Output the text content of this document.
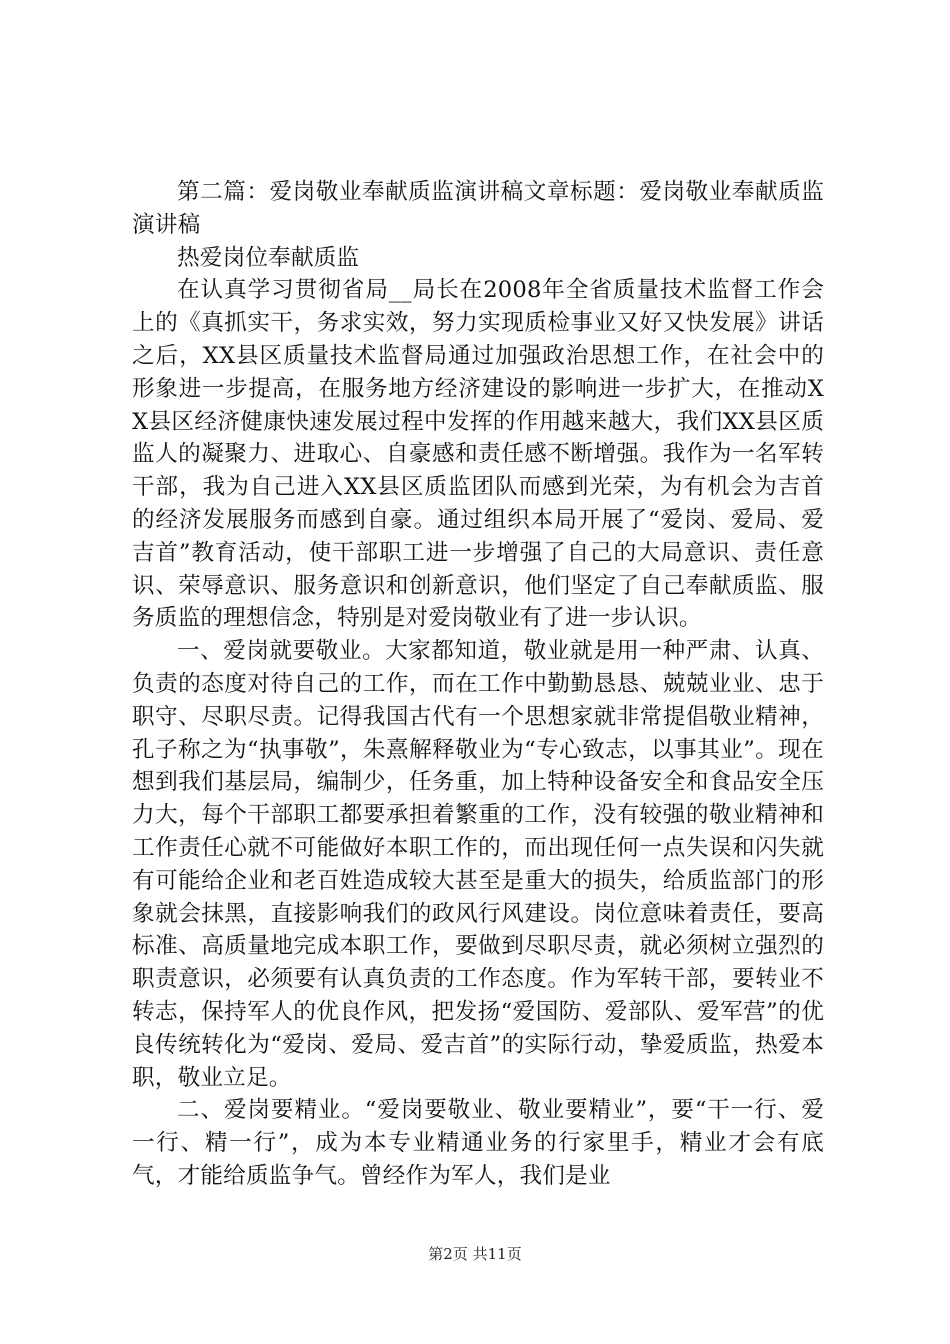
第二篇：爱岗敬业奉献质监演讲稿文章标题：爱岗敬业奉献质监演讲稿

热爱岗位奉献质监

在认真学习贯彻省局__局长在2008年全省质量技术监督工作会上的《真抓实干，务求实效，努力实现质检事业又好又快发展》讲话之后，XX县区质量技术监督局通过加强政治思想工作，在社会中的形象进一步提高，在服务地方经济建设的影响进一步扩大，在推动XX县区经济健康快速发展过程中发挥的作用越来越大，我们XX县区质监人的凝聚力、进取心、自豪感和责任感不断增强。我作为一名军转干部，我为自己进入XX县区质监团队而感到光荣，为有机会为吉首的经济发展服务而感到自豪。通过组织本局开展了“爱岗、爱局、爱吉首”教育活动，使干部职工进一步增强了自己的大局意识、责任意识、荣辱意识、服务意识和创新意识，他们坚定了自己奉献质监、服务质监的理想信念，特别是对爱岗敬业有了进一步认识。

一、爱岗就要敬业。大家都知道，敬业就是用一种严肃、认真、负责的态度对待自己的工作，而在工作中勤勤恳恳、兢兢业业、忠于职守、尽职尽责。记得我国古代有一个思想家就非常提倡敬业精神，孔子称之为“执事敬”，朱熹解释敬业为“专心致志，以事其业”。现在想到我们基层局，编制少，任务重，加上特种设备安全和食品安全压力大，每个干部职工都要承担着繁重的工作，没有较强的敬业精神和工作责任心就不可能做好本职工作的，而出现任何一点失误和闪失就有可能给企业和老百姓造成较大甚至是重大的损失，给质监部门的形象就会抹黑，直接影响我们的政风行风建设。岗位意味着责任，要高标准、高质量地完成本职工作，要做到尽职尽责，就必须树立强烈的职责意识，必须要有认真负责的工作态度。作为军转干部，要转业不转志，保持军人的优良作风，把发扬“爱国防、爱部队、爱军营”的优良传统转化为“爱岗、爱局、爱吉首”的实际行动，挚爱质监，热爱本职，敬业立足。

二、爱岗要精业。“爱岗要敬业、敬业要精业”，要“干一行、爱一行、精一行”，成为本专业精通业务的行家里手，精业才会有底气，才能给质监争气。曾经作为军人，我们是业

第2页 共11页
